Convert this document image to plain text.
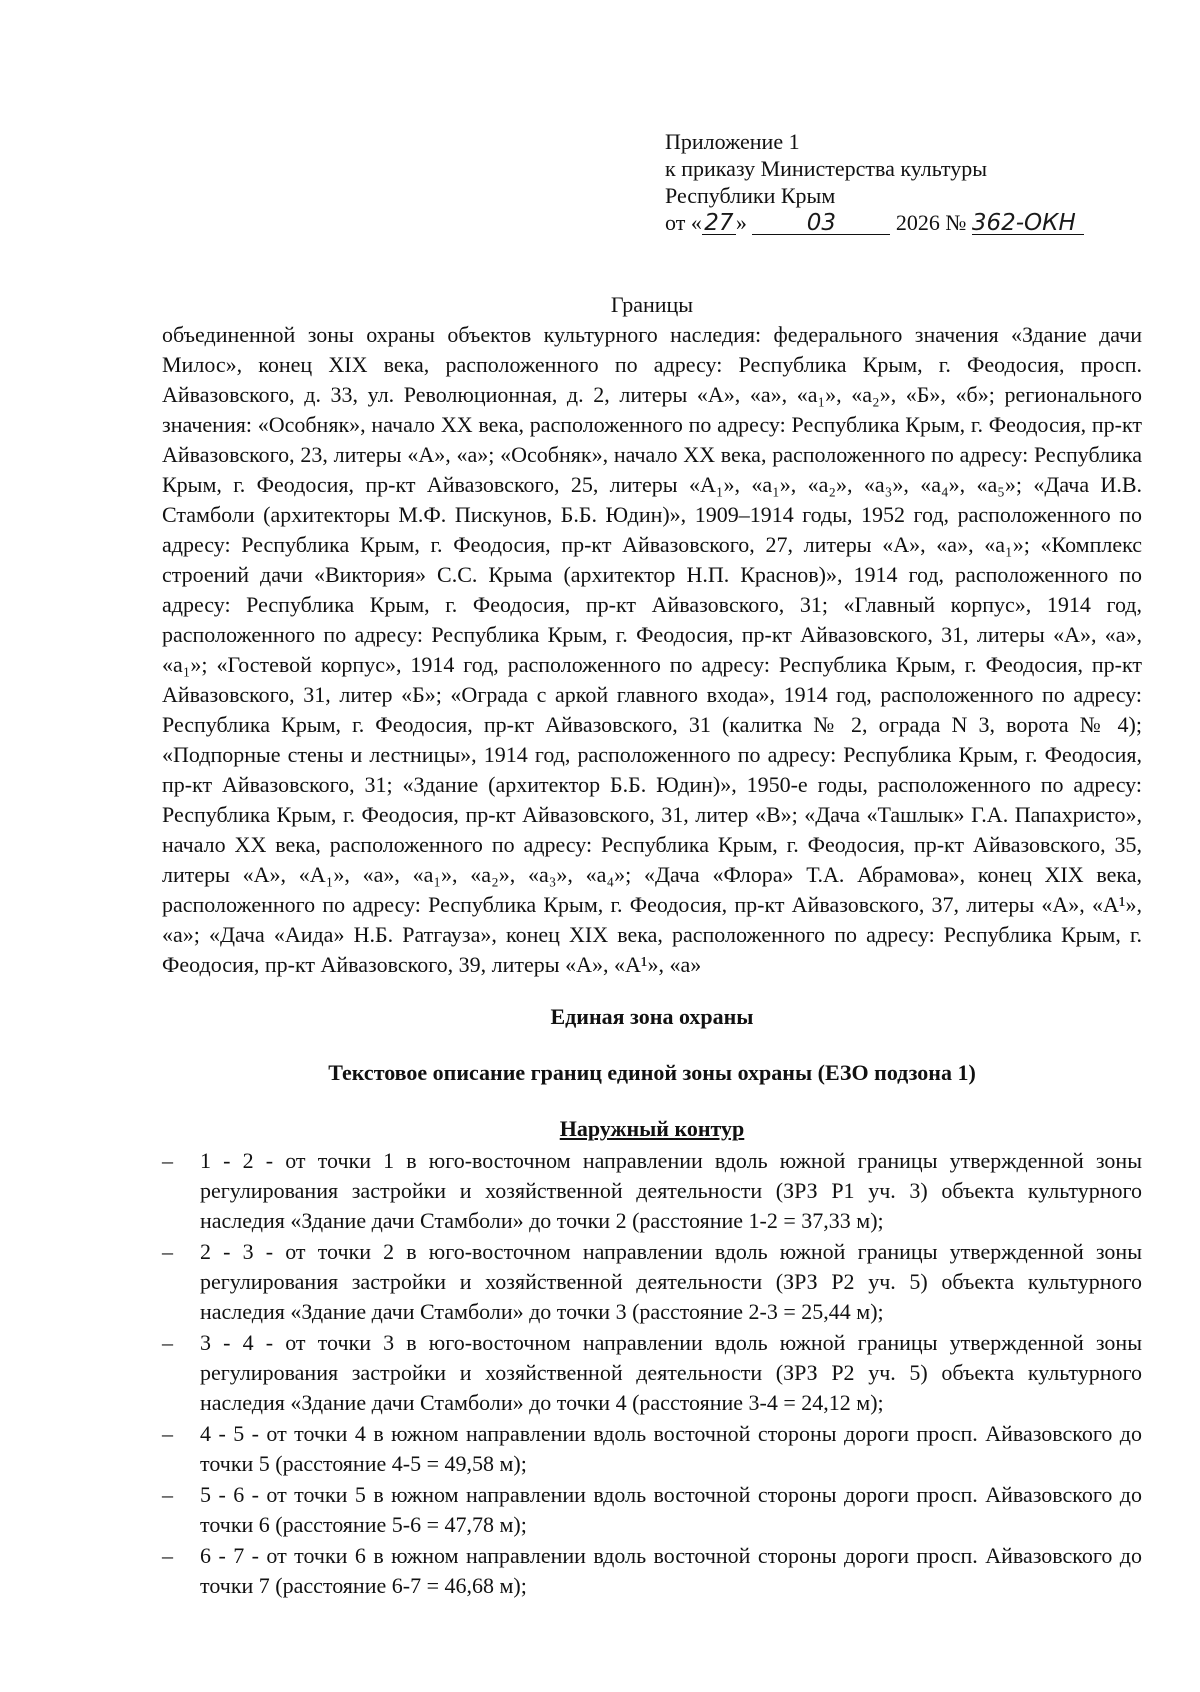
Приложение 1
к приказу Министерства культуры
Республики Крым
от « 27 »	03	2026 № 362-ОКН
Границы
объединенной зоны охраны объектов культурного наследия: федерального значения «Здание дачи Милос», конец XIX века, расположенного по адресу: Республика Крым, г. Феодосия, просп. Айвазовского, д. 33, ул. Революционная, д. 2, литеры «А», «а», «а₁», «а₂», «Б», «б»; регионального значения: «Особняк», начало XX века, расположенного по адресу: Республика Крым, г. Феодосия, пр-кт Айвазовского, 23, литеры «А», «а»; «Особняк», начало XX века, расположенного по адресу: Республика Крым, г. Феодосия, пр-кт Айвазовского, 25, литеры «А₁», «а₁», «а₂», «а₃», «а₄», «а₅»; «Дача И.В. Стамболи (архитекторы М.Ф. Пискунов, Б.Б. Юдин)», 1909–1914 годы, 1952 год, расположенного по адресу: Республика Крым, г. Феодосия, пр-кт Айвазовского, 27, литеры «А», «а», «а₁»; «Комплекс строений дачи «Виктория» С.С. Крыма (архитектор Н.П. Краснов)», 1914 год, расположенного по адресу: Республика Крым, г. Феодосия, пр-кт Айвазовского, 31; «Главный корпус», 1914 год, расположенного по адресу: Республика Крым, г. Феодосия, пр-кт Айвазовского, 31, литеры «А», «а», «а₁»; «Гостевой корпус», 1914 год, расположенного по адресу: Республика Крым, г. Феодосия, пр-кт Айвазовского, 31, литер «Б»; «Ограда с аркой главного входа», 1914 год, расположенного по адресу: Республика Крым, г. Феодосия, пр-кт Айвазовского, 31 (калитка № 2, ограда N 3, ворота № 4); «Подпорные стены и лестницы», 1914 год, расположенного по адресу: Республика Крым, г. Феодосия, пр-кт Айвазовского, 31; «Здание (архитектор Б.Б. Юдин)», 1950-е годы, расположенного по адресу: Республика Крым, г. Феодосия, пр-кт Айвазовского, 31, литер «В»; «Дача «Ташлык» Г.А. Папахристо», начало XX века, расположенного по адресу: Республика Крым, г. Феодосия, пр-кт Айвазовского, 35, литеры «А», «А₁», «а», «а₁», «а₂», «а₃», «а₄»; «Дача «Флора» Т.А. Абрамова», конец XIX века, расположенного по адресу: Республика Крым, г. Феодосия, пр-кт Айвазовского, 37, литеры «А», «А¹», «а»; «Дача «Аида» Н.Б. Ратгауза», конец XIX века, расположенного по адресу: Республика Крым, г. Феодосия, пр-кт Айвазовского, 39, литеры «А», «А¹», «а»
Единая зона охраны
Текстовое описание границ единой зоны охраны (ЕЗО подзона 1)
Наружный контур
– 1 - 2 - от точки 1 в юго-восточном направлении вдоль южной границы утвержденной зоны регулирования застройки и хозяйственной деятельности (ЗРЗ Р1 уч. 3) объекта культурного наследия «Здание дачи Стамболи» до точки 2 (расстояние 1-2 = 37,33 м);
– 2 - 3 - от точки 2 в юго-восточном направлении вдоль южной границы утвержденной зоны регулирования застройки и хозяйственной деятельности (ЗРЗ Р2 уч. 5) объекта культурного наследия «Здание дачи Стамболи» до точки 3 (расстояние 2-3 = 25,44 м);
– 3 - 4 - от точки 3 в юго-восточном направлении вдоль южной границы утвержденной зоны регулирования застройки и хозяйственной деятельности (ЗРЗ Р2 уч. 5) объекта культурного наследия «Здание дачи Стамболи» до точки 4 (расстояние 3-4 = 24,12 м);
– 4 - 5 - от точки 4 в южном направлении вдоль восточной стороны дороги просп. Айвазовского до точки 5 (расстояние 4-5 = 49,58 м);
– 5 - 6 - от точки 5 в южном направлении вдоль восточной стороны дороги просп. Айвазовского до точки 6 (расстояние 5-6 = 47,78 м);
– 6 - 7 - от точки 6 в южном направлении вдоль восточной стороны дороги просп. Айвазовского до точки 7 (расстояние 6-7 = 46,68 м);
